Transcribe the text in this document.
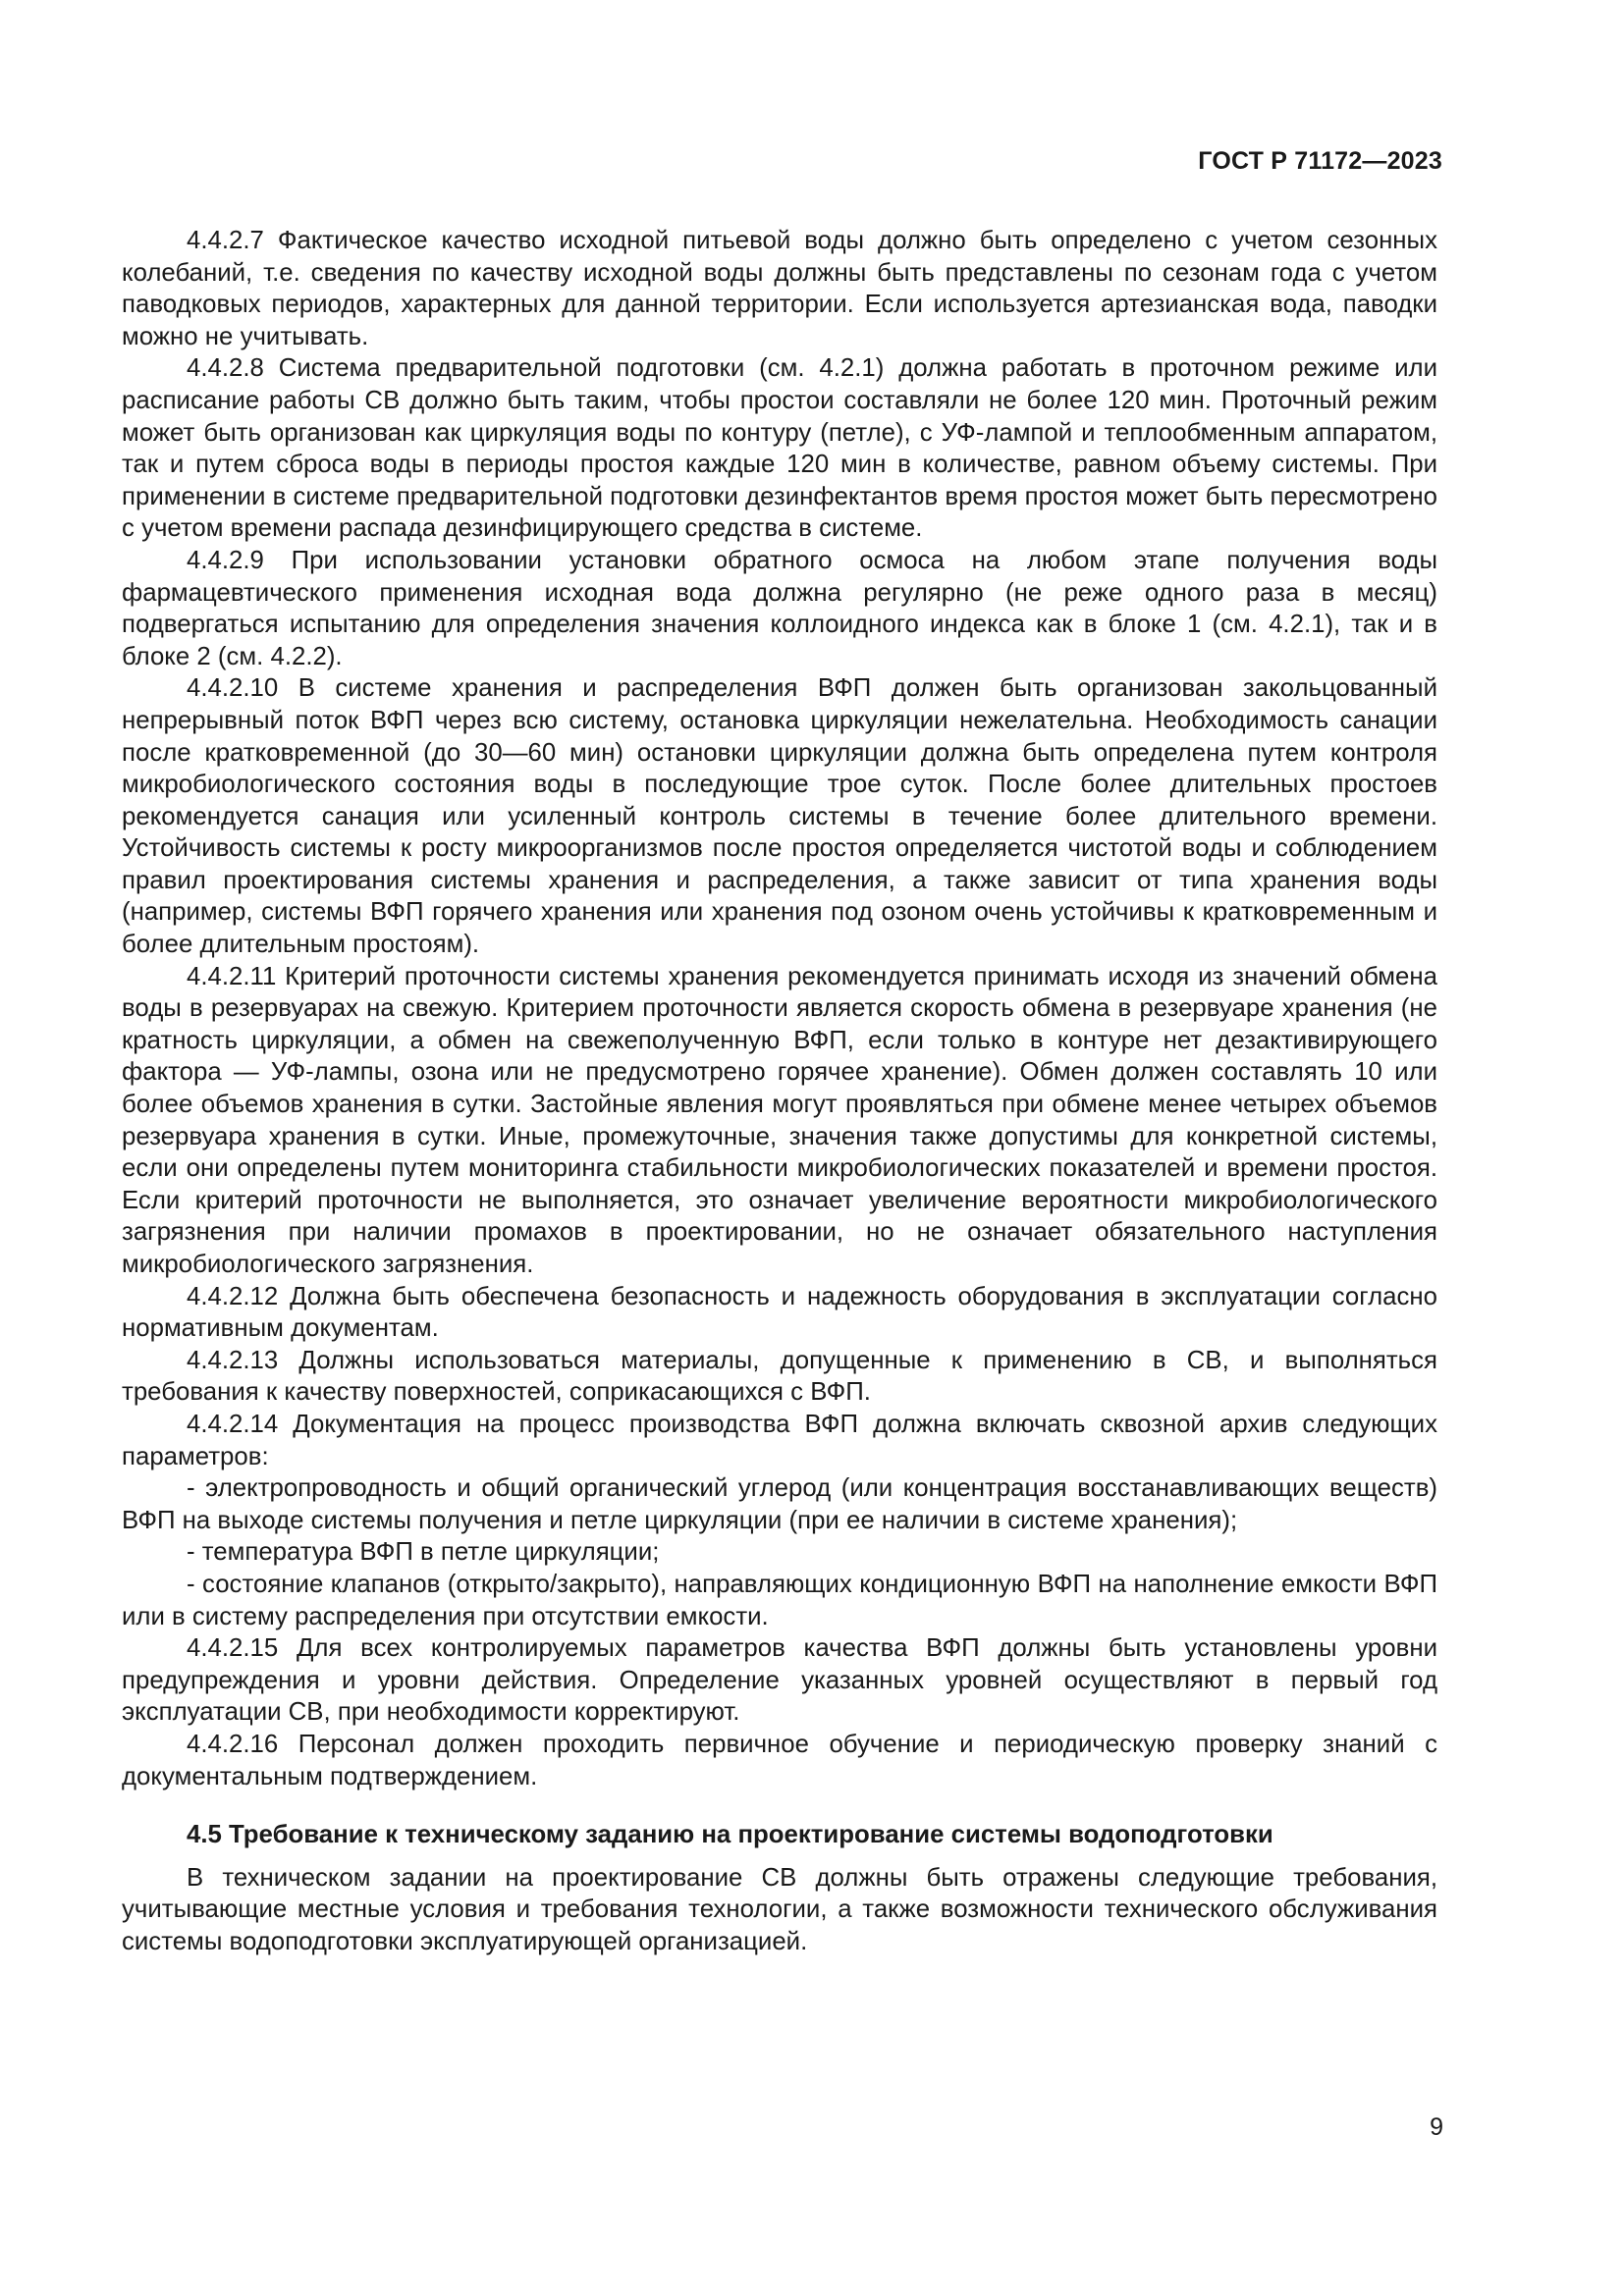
ГОСТ Р 71172—2023

4.4.2.7 Фактическое качество исходной питьевой воды должно быть определено с учетом сезонных колебаний, т.е. сведения по качеству исходной воды должны быть представлены по сезонам года с учетом паводковых периодов, характерных для данной территории. Если используется артезианская вода, паводки можно не учитывать.

4.4.2.8 Система предварительной подготовки (см. 4.2.1) должна работать в проточном режиме или расписание работы СВ должно быть таким, чтобы простои составляли не более 120 мин. Проточный режим может быть организован как циркуляция воды по контуру (петле), с УФ-лампой и теплообменным аппаратом, так и путем сброса воды в периоды простоя каждые 120 мин в количестве, равном объему системы. При применении в системе предварительной подготовки дезинфектантов время простоя может быть пересмотрено с учетом времени распада дезинфицирующего средства в системе.

4.4.2.9 При использовании установки обратного осмоса на любом этапе получения воды фармацевтического применения исходная вода должна регулярно (не реже одного раза в месяц) подвергаться испытанию для определения значения коллоидного индекса как в блоке 1 (см. 4.2.1), так и в блоке 2 (см. 4.2.2).

4.4.2.10 В системе хранения и распределения ВФП должен быть организован закольцованный непрерывный поток ВФП через всю систему, остановка циркуляции нежелательна. Необходимость санации после кратковременной (до 30—60 мин) остановки циркуляции должна быть определена путем контроля микробиологического состояния воды в последующие трое суток. После более длительных простоев рекомендуется санация или усиленный контроль системы в течение более длительного времени. Устойчивость системы к росту микроорганизмов после простоя определяется чистотой воды и соблюдением правил проектирования системы хранения и распределения, а также зависит от типа хранения воды (например, системы ВФП горячего хранения или хранения под озоном очень устойчивы к кратковременным и более длительным простоям).

4.4.2.11 Критерий проточности системы хранения рекомендуется принимать исходя из значений обмена воды в резервуарах на свежую. Критерием проточности является скорость обмена в резервуаре хранения (не кратность циркуляции, а обмен на свежеполученную ВФП, если только в контуре нет дезактивирующего фактора — УФ-лампы, озона или не предусмотрено горячее хранение). Обмен должен составлять 10 или более объемов хранения в сутки. Застойные явления могут проявляться при обмене менее четырех объемов резервуара хранения в сутки. Иные, промежуточные, значения также допустимы для конкретной системы, если они определены путем мониторинга стабильности микробиологических показателей и времени простоя. Если критерий проточности не выполняется, это означает увеличение вероятности микробиологического загрязнения при наличии промахов в проектировании, но не означает обязательного наступления микробиологического загрязнения.

4.4.2.12 Должна быть обеспечена безопасность и надежность оборудования в эксплуатации согласно нормативным документам.

4.4.2.13 Должны использоваться материалы, допущенные к применению в СВ, и выполняться требования к качеству поверхностей, соприкасающихся с ВФП.

4.4.2.14 Документация на процесс производства ВФП должна включать сквозной архив следующих параметров:

- электропроводность и общий органический углерод (или концентрация восстанавливающих веществ) ВФП на выходе системы получения и петле циркуляции (при ее наличии в системе хранения);

- температура ВФП в петле циркуляции;

- состояние клапанов (открыто/закрыто), направляющих кондиционную ВФП на наполнение емкости ВФП или в систему распределения при отсутствии емкости.

4.4.2.15 Для всех контролируемых параметров качества ВФП должны быть установлены уровни предупреждения и уровни действия. Определение указанных уровней осуществляют в первый год эксплуатации СВ, при необходимости корректируют.

4.4.2.16 Персонал должен проходить первичное обучение и периодическую проверку знаний с документальным подтверждением.

4.5 Требование к техническому заданию на проектирование системы водоподготовки

В техническом задании на проектирование СВ должны быть отражены следующие требования, учитывающие местные условия и требования технологии, а также возможности технического обслуживания системы водоподготовки эксплуатирующей организацией.

9
